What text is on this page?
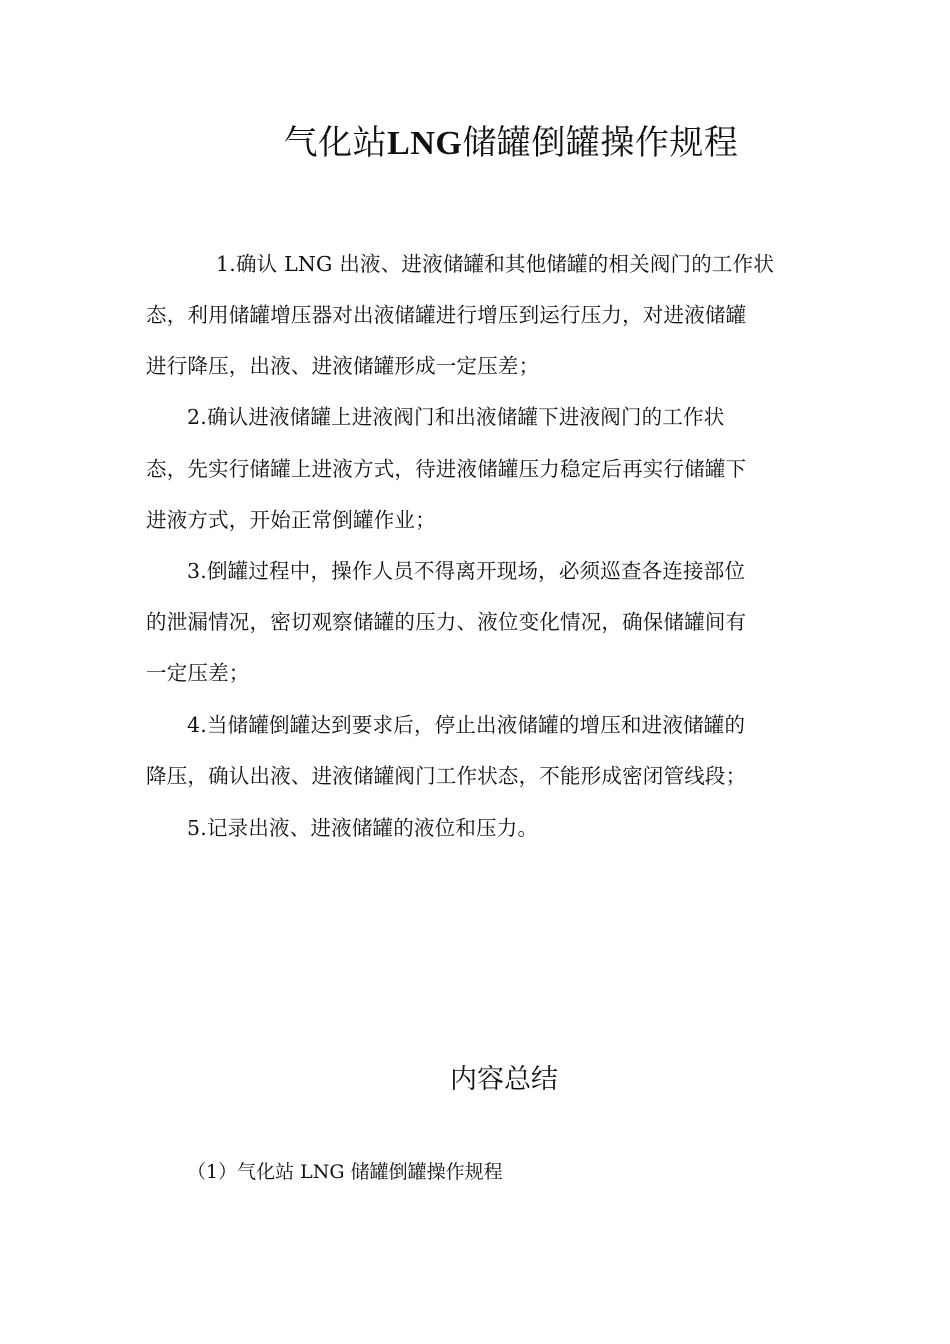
气化站LNG储罐倒罐操作规程
1.确认 LNG 出液、进液储罐和其他储罐的相关阀门的工作状
态，利用储罐增压器对出液储罐进行增压到运行压力，对进液储罐
进行降压，出液、进液储罐形成一定压差；
2.确认进液储罐上进液阀门和出液储罐下进液阀门的工作状
态，先实行储罐上进液方式，待进液储罐压力稳定后再实行储罐下
进液方式，开始正常倒罐作业；
3.倒罐过程中，操作人员不得离开现场，必须巡查各连接部位
的泄漏情况，密切观察储罐的压力、液位变化情况，确保储罐间有
一定压差；
4.当储罐倒罐达到要求后，停止出液储罐的增压和进液储罐的
降压，确认出液、进液储罐阀门工作状态，不能形成密闭管线段；
5.记录出液、进液储罐的液位和压力。
内容总结
（1）气化站 LNG 储罐倒罐操作规程
